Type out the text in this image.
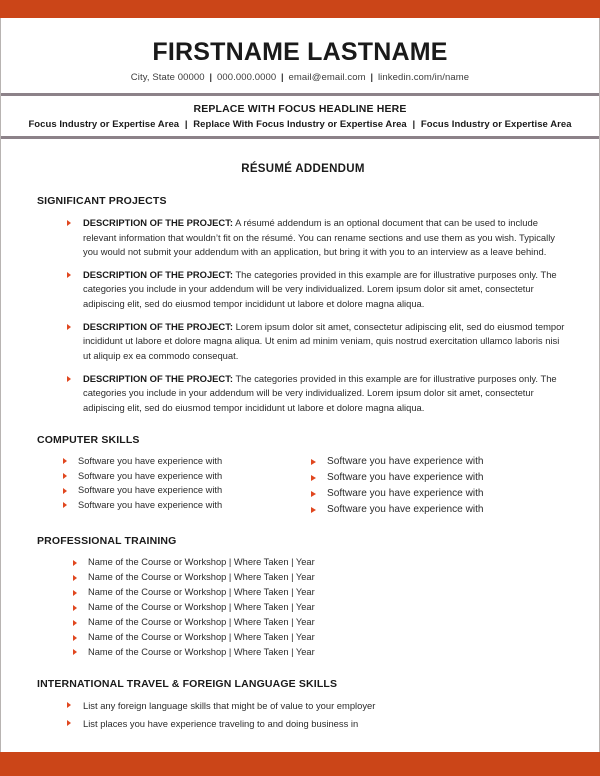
FIRSTNAME LASTNAME
City, State 00000 | 000.000.0000 | email@email.com | linkedin.com/in/name
REPLACE WITH FOCUS HEADLINE HERE
Focus Industry or Expertise Area | Replace With Focus Industry or Expertise Area | Focus Industry or Expertise Area
RÉSUMÉ ADDENDUM
SIGNIFICANT PROJECTS
DESCRIPTION OF THE PROJECT: A résumé addendum is an optional document that can be used to include relevant information that wouldn’t fit on the résumé. You can rename sections and use them as you wish. Typically you would not submit your addendum with an application, but bring it with you to an interview as a leave behind.
DESCRIPTION OF THE PROJECT: The categories provided in this example are for illustrative purposes only. The categories you include in your addendum will be very individualized. Lorem ipsum dolor sit amet, consectetur adipiscing elit, sed do eiusmod tempor incididunt ut labore et dolore magna aliqua.
DESCRIPTION OF THE PROJECT: Lorem ipsum dolor sit amet, consectetur adipiscing elit, sed do eiusmod tempor incididunt ut labore et dolore magna aliqua. Ut enim ad minim veniam, quis nostrud exercitation ullamco laboris nisi ut aliquip ex ea commodo consequat.
DESCRIPTION OF THE PROJECT: The categories provided in this example are for illustrative purposes only. The categories you include in your addendum will be very individualized. Lorem ipsum dolor sit amet, consectetur adipiscing elit, sed do eiusmod tempor incididunt ut labore et dolore magna aliqua.
COMPUTER SKILLS
Software you have experience with
Software you have experience with
Software you have experience with
Software you have experience with
Software you have experience with
Software you have experience with
Software you have experience with
Software you have experience with
PROFESSIONAL TRAINING
Name of the Course or Workshop | Where Taken | Year
Name of the Course or Workshop | Where Taken | Year
Name of the Course or Workshop | Where Taken | Year
Name of the Course or Workshop | Where Taken | Year
Name of the Course or Workshop | Where Taken | Year
Name of the Course or Workshop | Where Taken | Year
Name of the Course or Workshop | Where Taken | Year
INTERNATIONAL TRAVEL & FOREIGN LANGUAGE SKILLS
List any foreign language skills that might be of value to your employer
List places you have experience traveling to and doing business in
